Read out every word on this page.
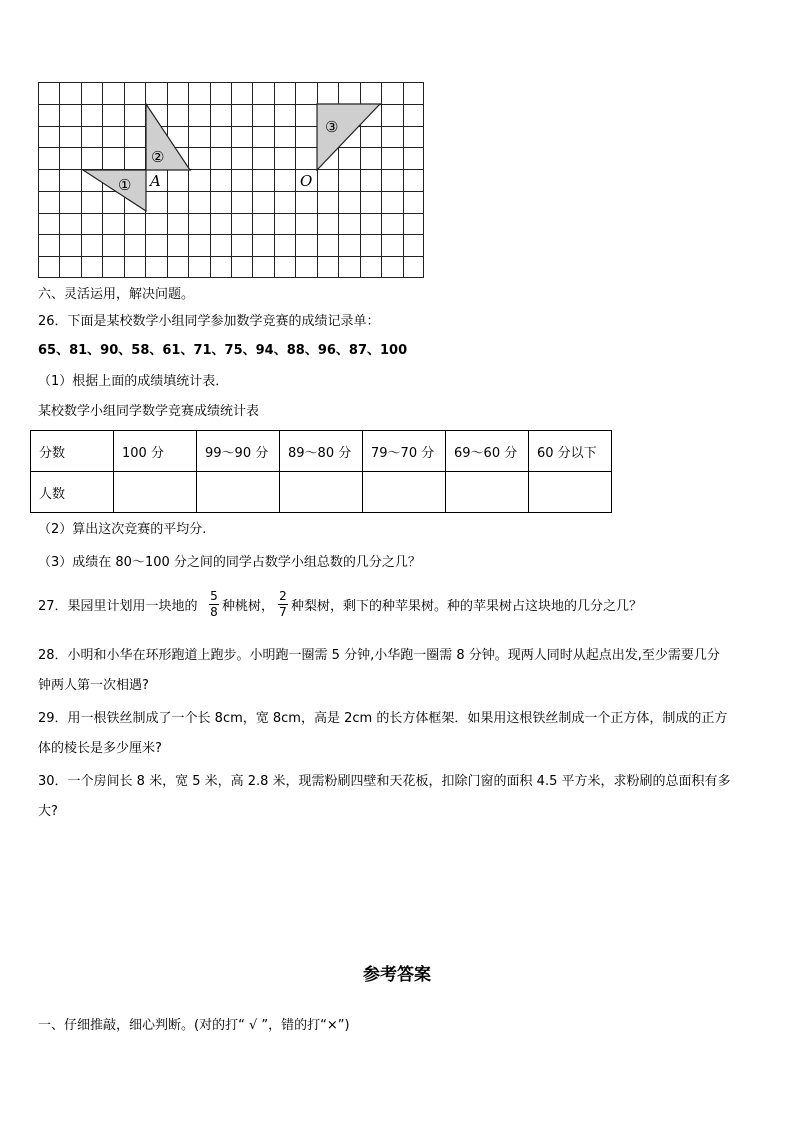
①
②
③
A	O
六、灵活运用，解决问题。
26．下面是某校数学小组同学参加数学竞赛的成绩记录单：
65、81、90、58、61、71、75、94、88、96、87、100
（1）根据上面的成绩填统计表．
某校数学小组同学数学竞赛成绩统计表
分数	100 分	99～90 分	89～80 分	79～70 分	69～60 分	60 分以下
人数						
（2）算出这次竞赛的平均分.
（3）成绩在 80～100 分之间的同学占数学小组总数的几分之几？
27．果园里计划用一块地的
5
8 种桃树，
2
7 种梨树，剩下的种苹果树。种的苹果树占这块地的几分之几？
28．小明和小华在环形跑道上跑步。小明跑一圈需 5 分钟,小华跑一圈需 8 分钟。现两人同时从起点出发,至少需要几分
钟两人第一次相遇?
29．用一根铁丝制成了一个长 8cm，宽 8cm，高是 2cm 的长方体框架．如果用这根铁丝制成一个正方体，制成的正方
体的棱长是多少厘米?
30．一个房间长 8 米，宽 5 米，高 2.8 米，现需粉刷四壁和天花板，扣除门窗的面积 4.5 平方米，求粉刷的总面积有多
大?
参考答案
一、仔细推敲，细心判断。(对的打“ √ ”，错的打“×”)
